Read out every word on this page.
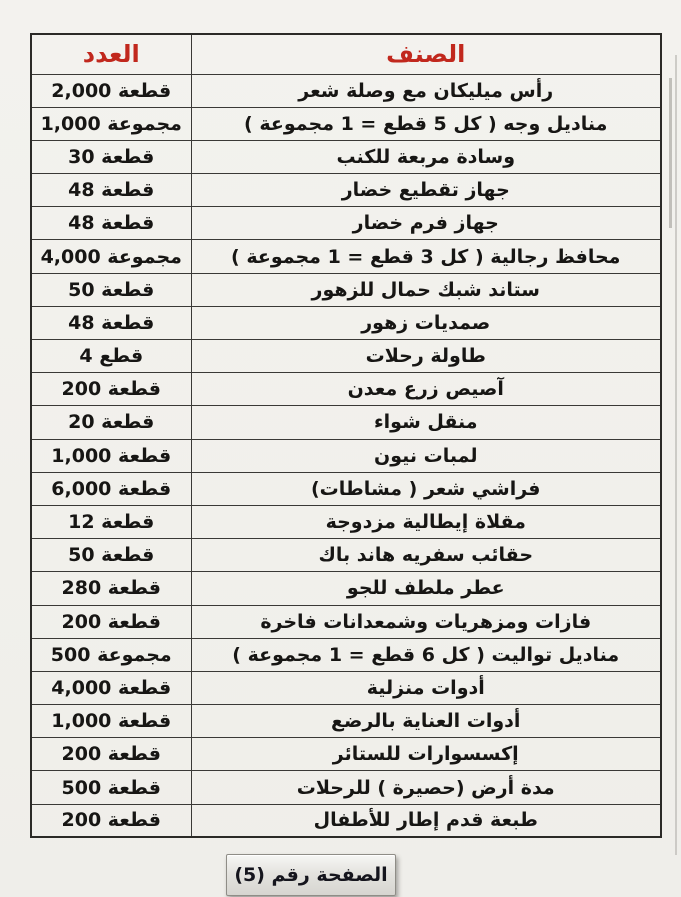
الصنف	العدد
رأس ميليكان مع وصلة شعر	2,000 قطعة
مناديل وجه ( كل 5 قطع = 1 مجموعة )	1,000 مجموعة
وسادة مربعة للكنب	30 قطعة
جهاز تقطيع خضار	48 قطعة
جهاز فرم خضار	48 قطعة
محافظ رجالية ( كل 3 قطع = 1 مجموعة )	4,000 مجموعة
ستاند شبك حمال للزهور	50 قطعة
صمديات زهور	48 قطعة
طاولة رحلات	4 قطع
آصيص زرع معدن	200 قطعة
منقل شواء	20 قطعة
لمبات نيون	1,000 قطعة
فراشي شعر ( مشاطات)	6,000 قطعة
مقلاة إيطالية مزدوجة	12 قطعة
حقائب سفريه هاند باك	50 قطعة
عطر ملطف للجو	280 قطعة
فازات ومزهريات وشمعدانات فاخرة	200 قطعة
مناديل تواليت ( كل 6 قطع = 1 مجموعة )	500 مجموعة
أدوات منزلية	4,000 قطعة
أدوات العناية بالرضع	1,000 قطعة
إكسسوارات للستائر	200 قطعة
مدة أرض (حصيرة ) للرحلات	500 قطعة
طبعة قدم إطار للأطفال	200 قطعة
الصفحة رقم (5)
